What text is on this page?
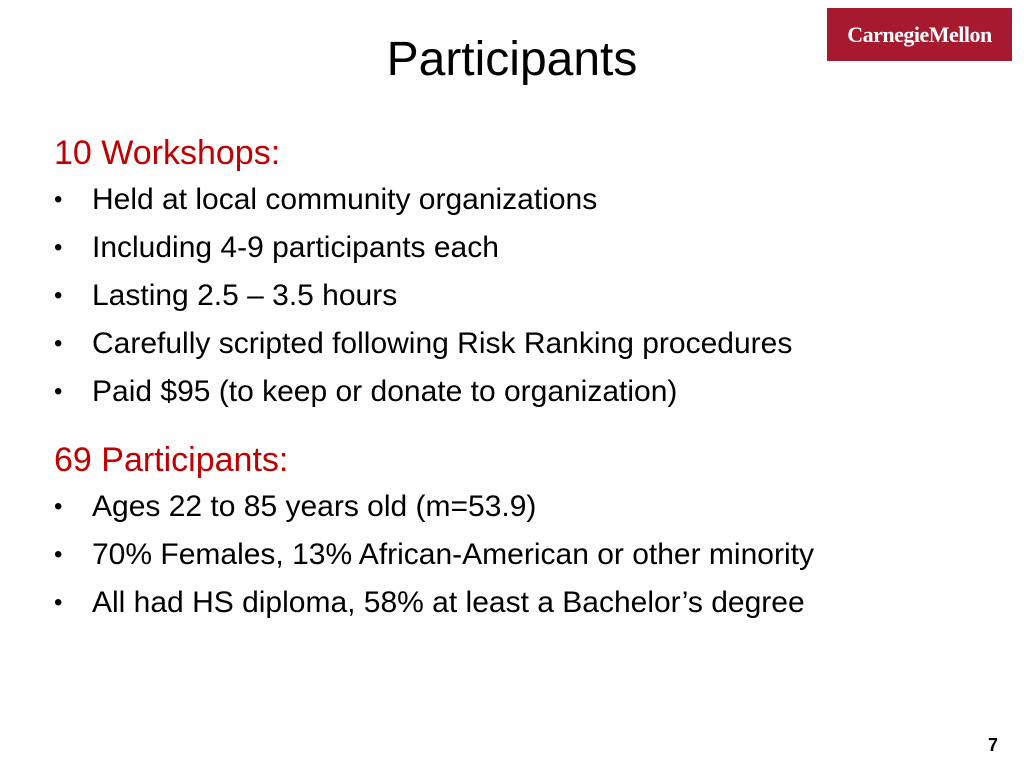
CarnegieMellon
Participants
10 Workshops:
• Held at local community organizations
• Including 4-9 participants each
• Lasting 2.5 – 3.5 hours
• Carefully scripted following Risk Ranking procedures
• Paid $95 (to keep or donate to organization)
69 Participants:
• Ages 22 to 85 years old (m=53.9)
• 70% Females, 13% African-American or other minority
• All had HS diploma, 58% at least a Bachelor’s degree
7
